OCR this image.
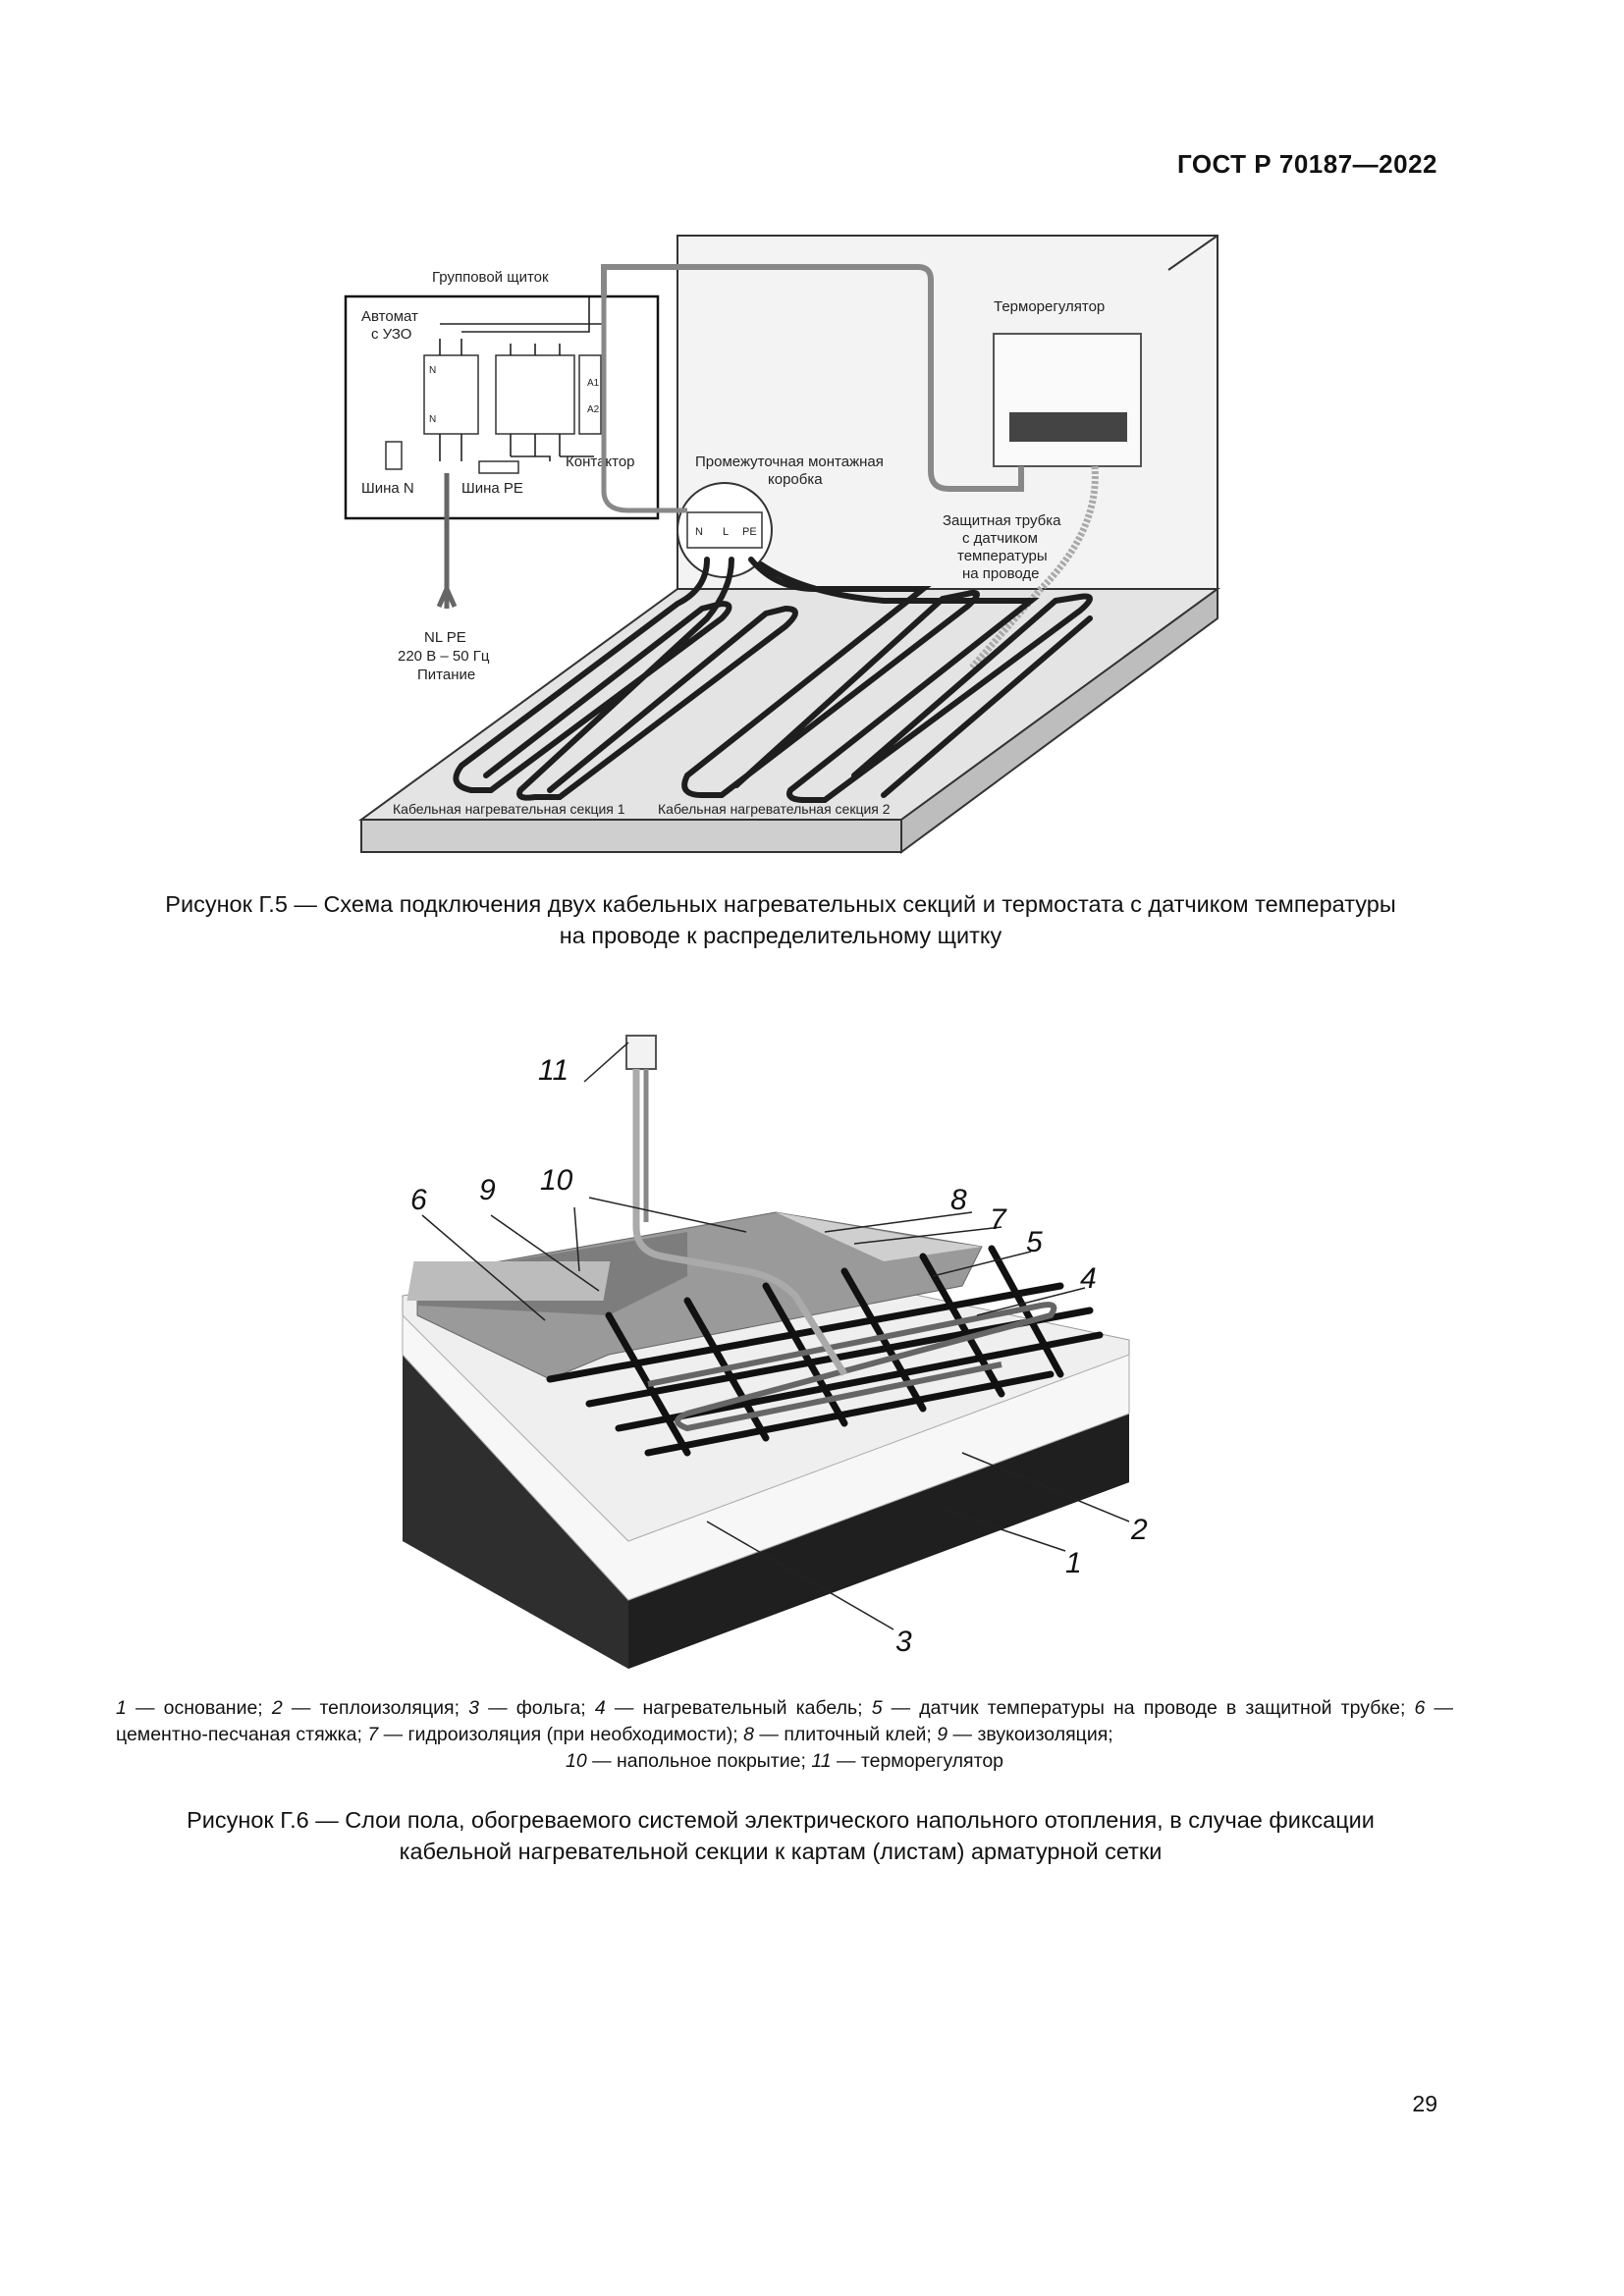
ГОСТ Р 70187—2022
Групповой щиток
Автомат
с УЗО
N
N
A1
A2
Шина N	Шина PE
Контактор
NL PE
220 В – 50 Гц
Питание
Терморегулятор
N L PE
Промежуточная монтажная
коробка
Защитная трубка
с датчиком
температуры
на проводе
Кабельная нагревательная секция 1 Кабельная нагревательная секция 2
Рисунок Г.5 — Схема подключения двух кабельных нагревательных секций и термостата с датчиком температуры
на проводе к распределительному щитку
11
6 9 10
8
7
5
4
2
1
3
1 — основание; 2 — теплоизоляция; 3 — фольга; 4 — нагревательный кабель; 5 — датчик температуры на проводе в защитной трубке; 6 — цементно-песчаная стяжка; 7 — гидроизоляция (при необходимости); 8 — плиточный клей; 9 — звукоизоляция;
10 — напольное покрытие; 11 — терморегулятор
Рисунок Г.6 — Слои пола, обогреваемого системой электрического напольного отопления, в случае фиксации
кабельной нагревательной секции к картам (листам) арматурной сетки
29
